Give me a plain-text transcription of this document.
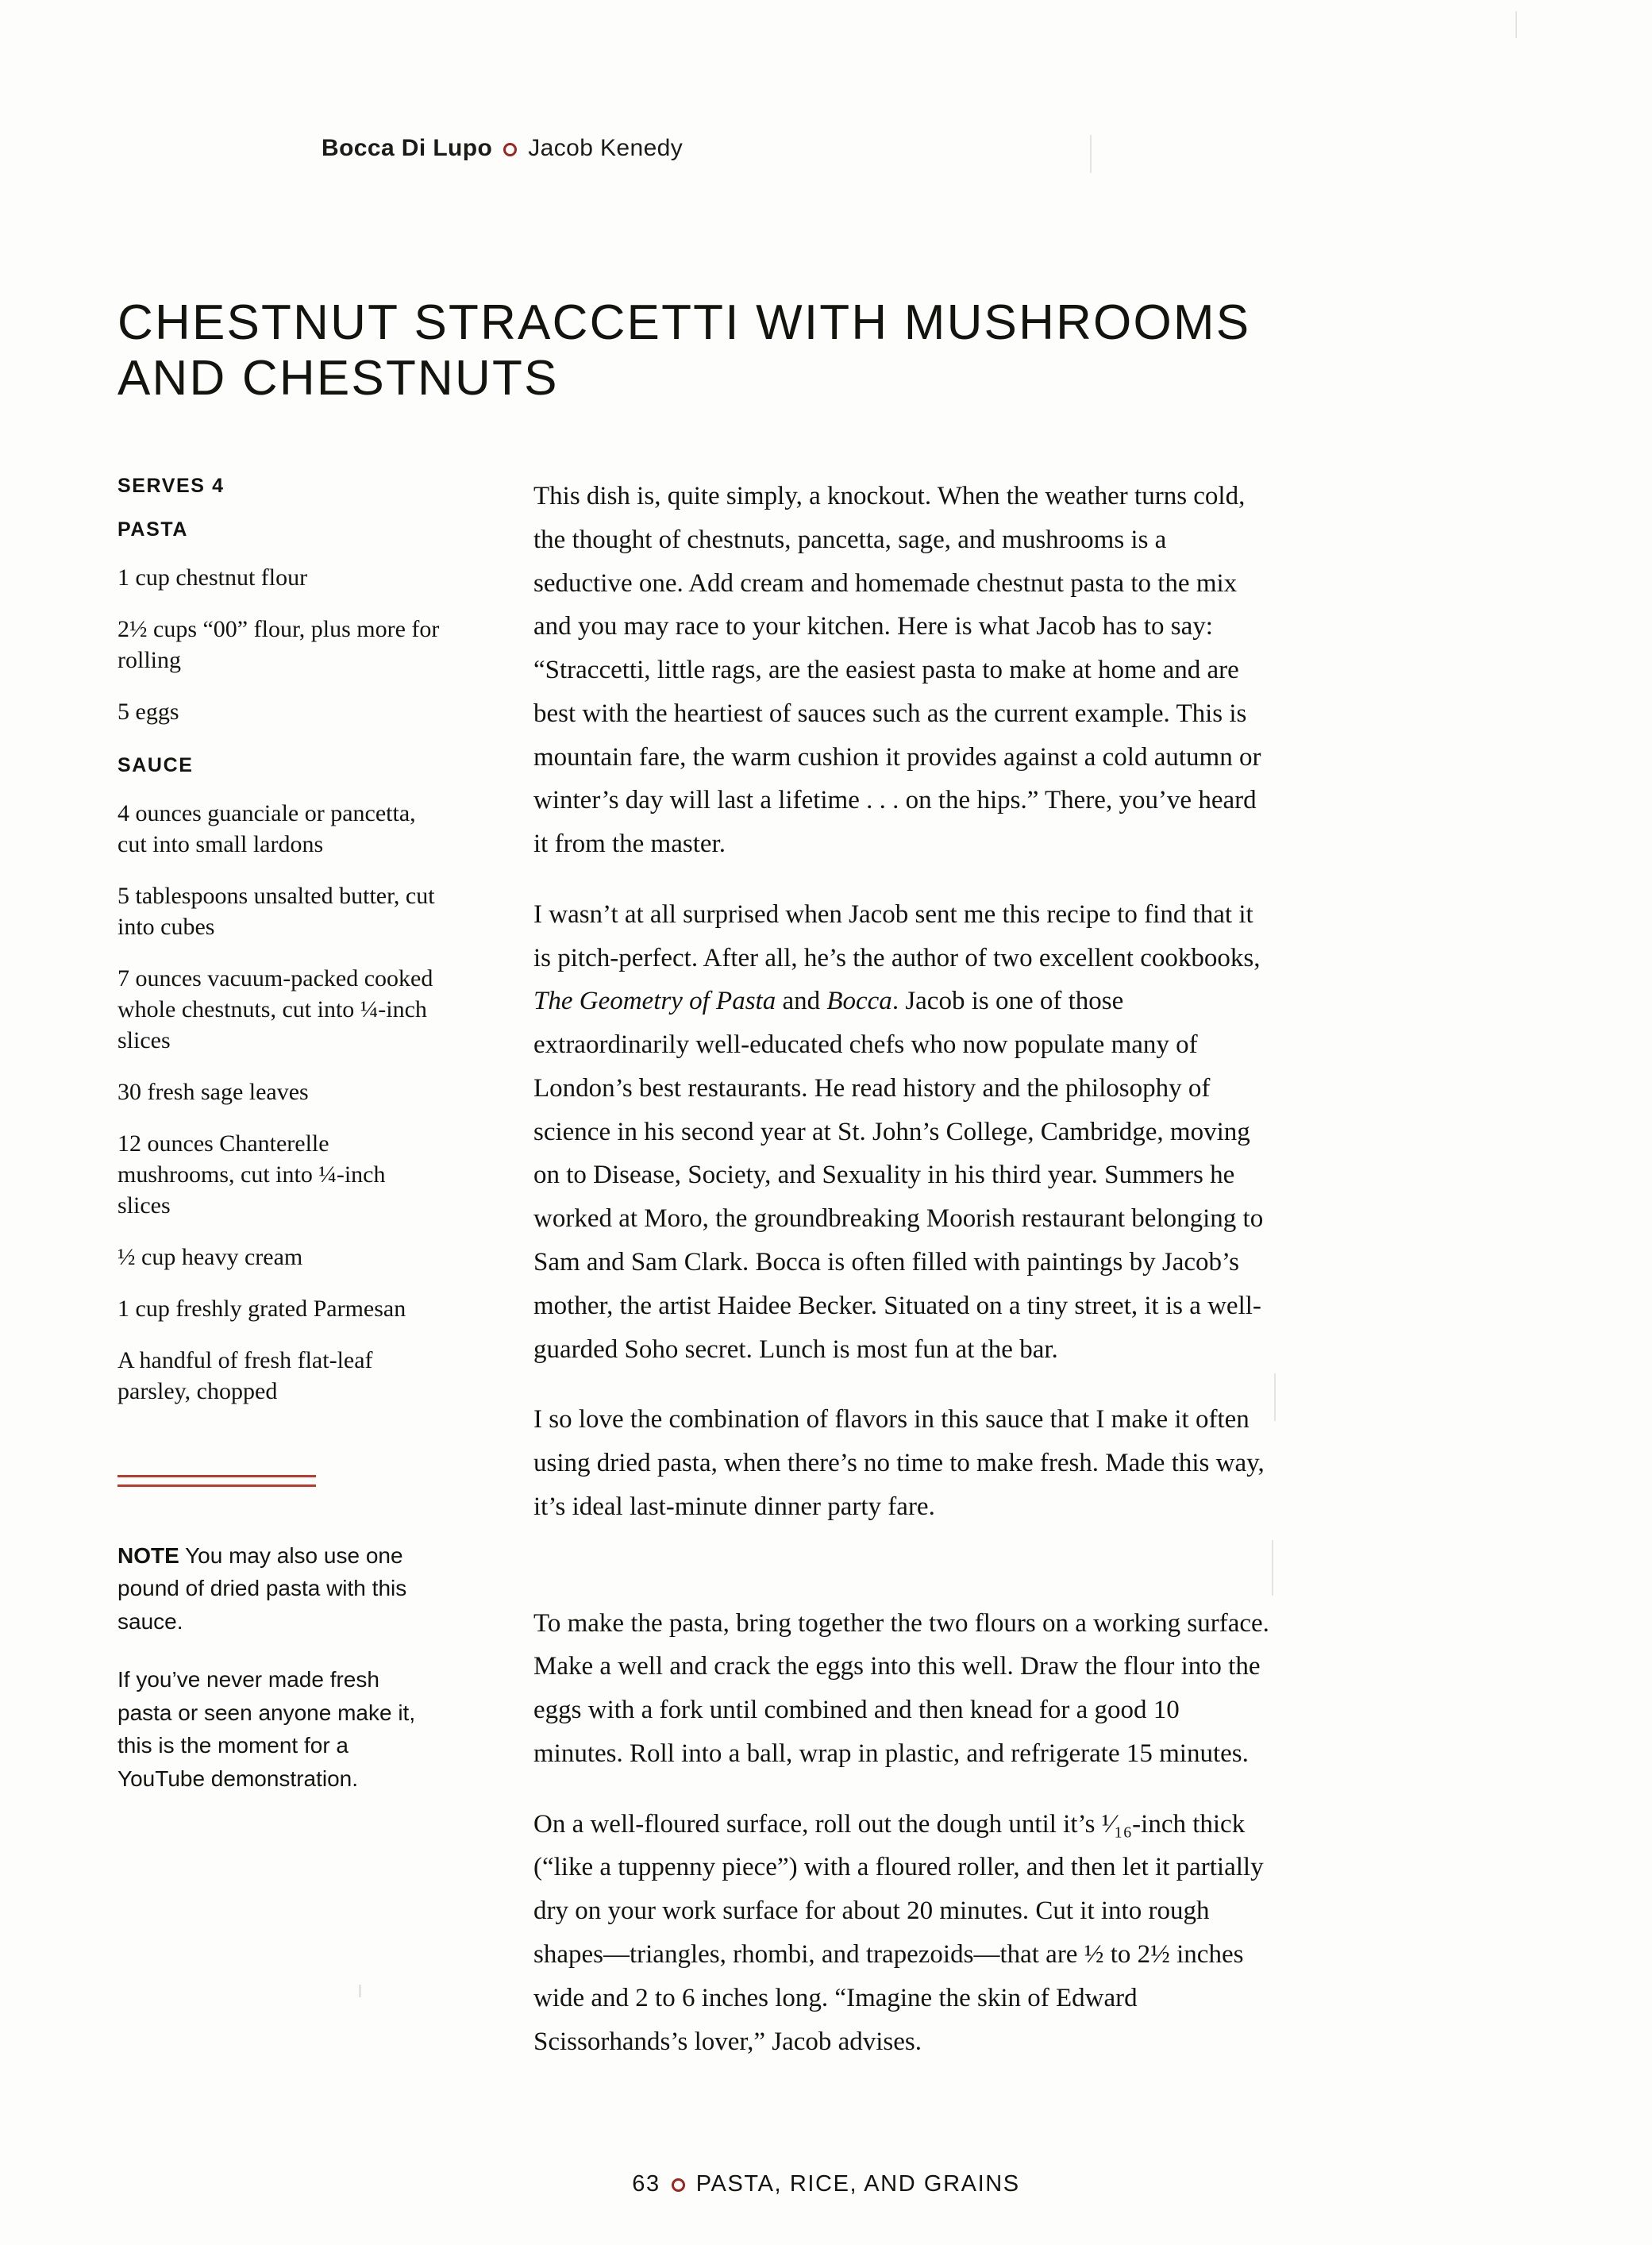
Bocca Di Lupo Jacob Kenedy
CHESTNUT STRACCETTI WITH MUSHROOMS
AND CHESTNUTS
SERVES 4
PASTA

1 cup chestnut flour

2½ cups “00” flour, plus more for rolling

5 eggs

SAUCE

4 ounces guanciale or pancetta, cut into small lardons

5 tablespoons unsalted butter, cut into cubes

7 ounces vacuum-packed cooked whole chestnuts, cut into ¼-inch slices

30 fresh sage leaves

12 ounces Chanterelle mushrooms, cut into ¼-inch slices

½ cup heavy cream

1 cup freshly grated Parmesan

A handful of fresh flat-leaf parsley, chopped

NOTE You may also use one pound of dried pasta with this sauce.

If you’ve never made fresh pasta or seen anyone make it, this is the moment for a YouTube demonstration.

This dish is, quite simply, a knockout. When the weather turns cold, the thought of chestnuts, pancetta, sage, and mushrooms is a seductive one. Add cream and homemade chestnut pasta to the mix and you may race to your kitchen. Here is what Jacob has to say: “Straccetti, little rags, are the easiest pasta to make at home and are best with the heartiest of sauces such as the current example. This is mountain fare, the warm cushion it provides against a cold autumn or winter’s day will last a lifetime . . . on the hips.” There, you’ve heard it from the master.

I wasn’t at all surprised when Jacob sent me this recipe to find that it is pitch-perfect. After all, he’s the author of two excellent cookbooks, The Geometry of Pasta and Bocca. Jacob is one of those extraordinarily well-educated chefs who now populate many of London’s best restaurants. He read history and the philosophy of science in his second year at St. John’s College, Cambridge, moving on to Disease, Society, and Sexuality in his third year. Summers he worked at Moro, the groundbreaking Moorish restaurant belonging to Sam and Sam Clark. Bocca is often filled with paintings by Jacob’s mother, the artist Haidee Becker. Situated on a tiny street, it is a well-guarded Soho secret. Lunch is most fun at the bar.

I so love the combination of flavors in this sauce that I make it often using dried pasta, when there’s no time to make fresh. Made this way, it’s ideal last-minute dinner party fare.

To make the pasta, bring together the two flours on a working surface. Make a well and crack the eggs into this well. Draw the flour into the eggs with a fork until combined and then knead for a good 10 minutes. Roll into a ball, wrap in plastic, and refrigerate 15 minutes.

On a well-floured surface, roll out the dough until it’s ¹⁄₁₆-inch thick (“like a tuppenny piece”) with a floured roller, and then let it partially dry on your work surface for about 20 minutes. Cut it into rough shapes—triangles, rhombi, and trapezoids—that are ½ to 2½ inches wide and 2 to 6 inches long. “Imagine the skin of Edward Scissorhands’s lover,” Jacob advises.

63 PASTA, RICE, AND GRAINS
